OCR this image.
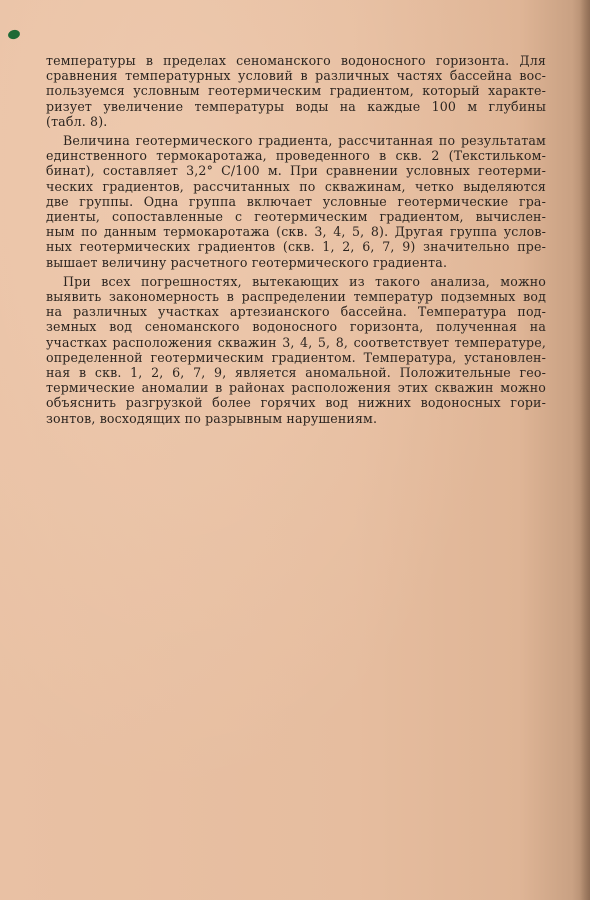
температуры в пределах сеноманского водоносного горизонта. Для
сравнения температурных условий в различных частях бассейна вос-
пользуемся условным геотермическим градиентом, который характе-
ризует увеличение температуры воды на каждые 100 м глубины
(табл. 8).

Величина геотермического градиента, рассчитанная по результатам
единственного термокаротажа, проведенного в скв. 2 (Текстильком-
бинат), составляет 3,2° С/100 м. При сравнении условных геотерми-
ческих градиентов, рассчитанных по скважинам, четко выделяются
две группы. Одна группа включает условные геотермические гра-
диенты, сопоставленные с геотермическим градиентом, вычислен-
ным по данным термокаротажа (скв. 3, 4, 5, 8). Другая группа услов-
ных геотермических градиентов (скв. 1, 2, 6, 7, 9) значительно пре-
вышает величину расчетного геотермического градиента.

При всех погрешностях, вытекающих из такого анализа, можно
выявить закономерность в распределении температур подземных вод
на различных участках артезианского бассейна. Температура под-
земных вод сеноманского водоносного горизонта, полученная на
участках расположения скважин 3, 4, 5, 8, соответствует температуре,
определенной геотермическим градиентом. Температура, установлен-
ная в скв. 1, 2, 6, 7, 9, является аномальной. Положительные гео-
термические аномалии в районах расположения этих скважин можно
объяснить разгрузкой более горячих вод нижних водоносных гори-
зонтов, восходящих по разрывным нарушениям.
